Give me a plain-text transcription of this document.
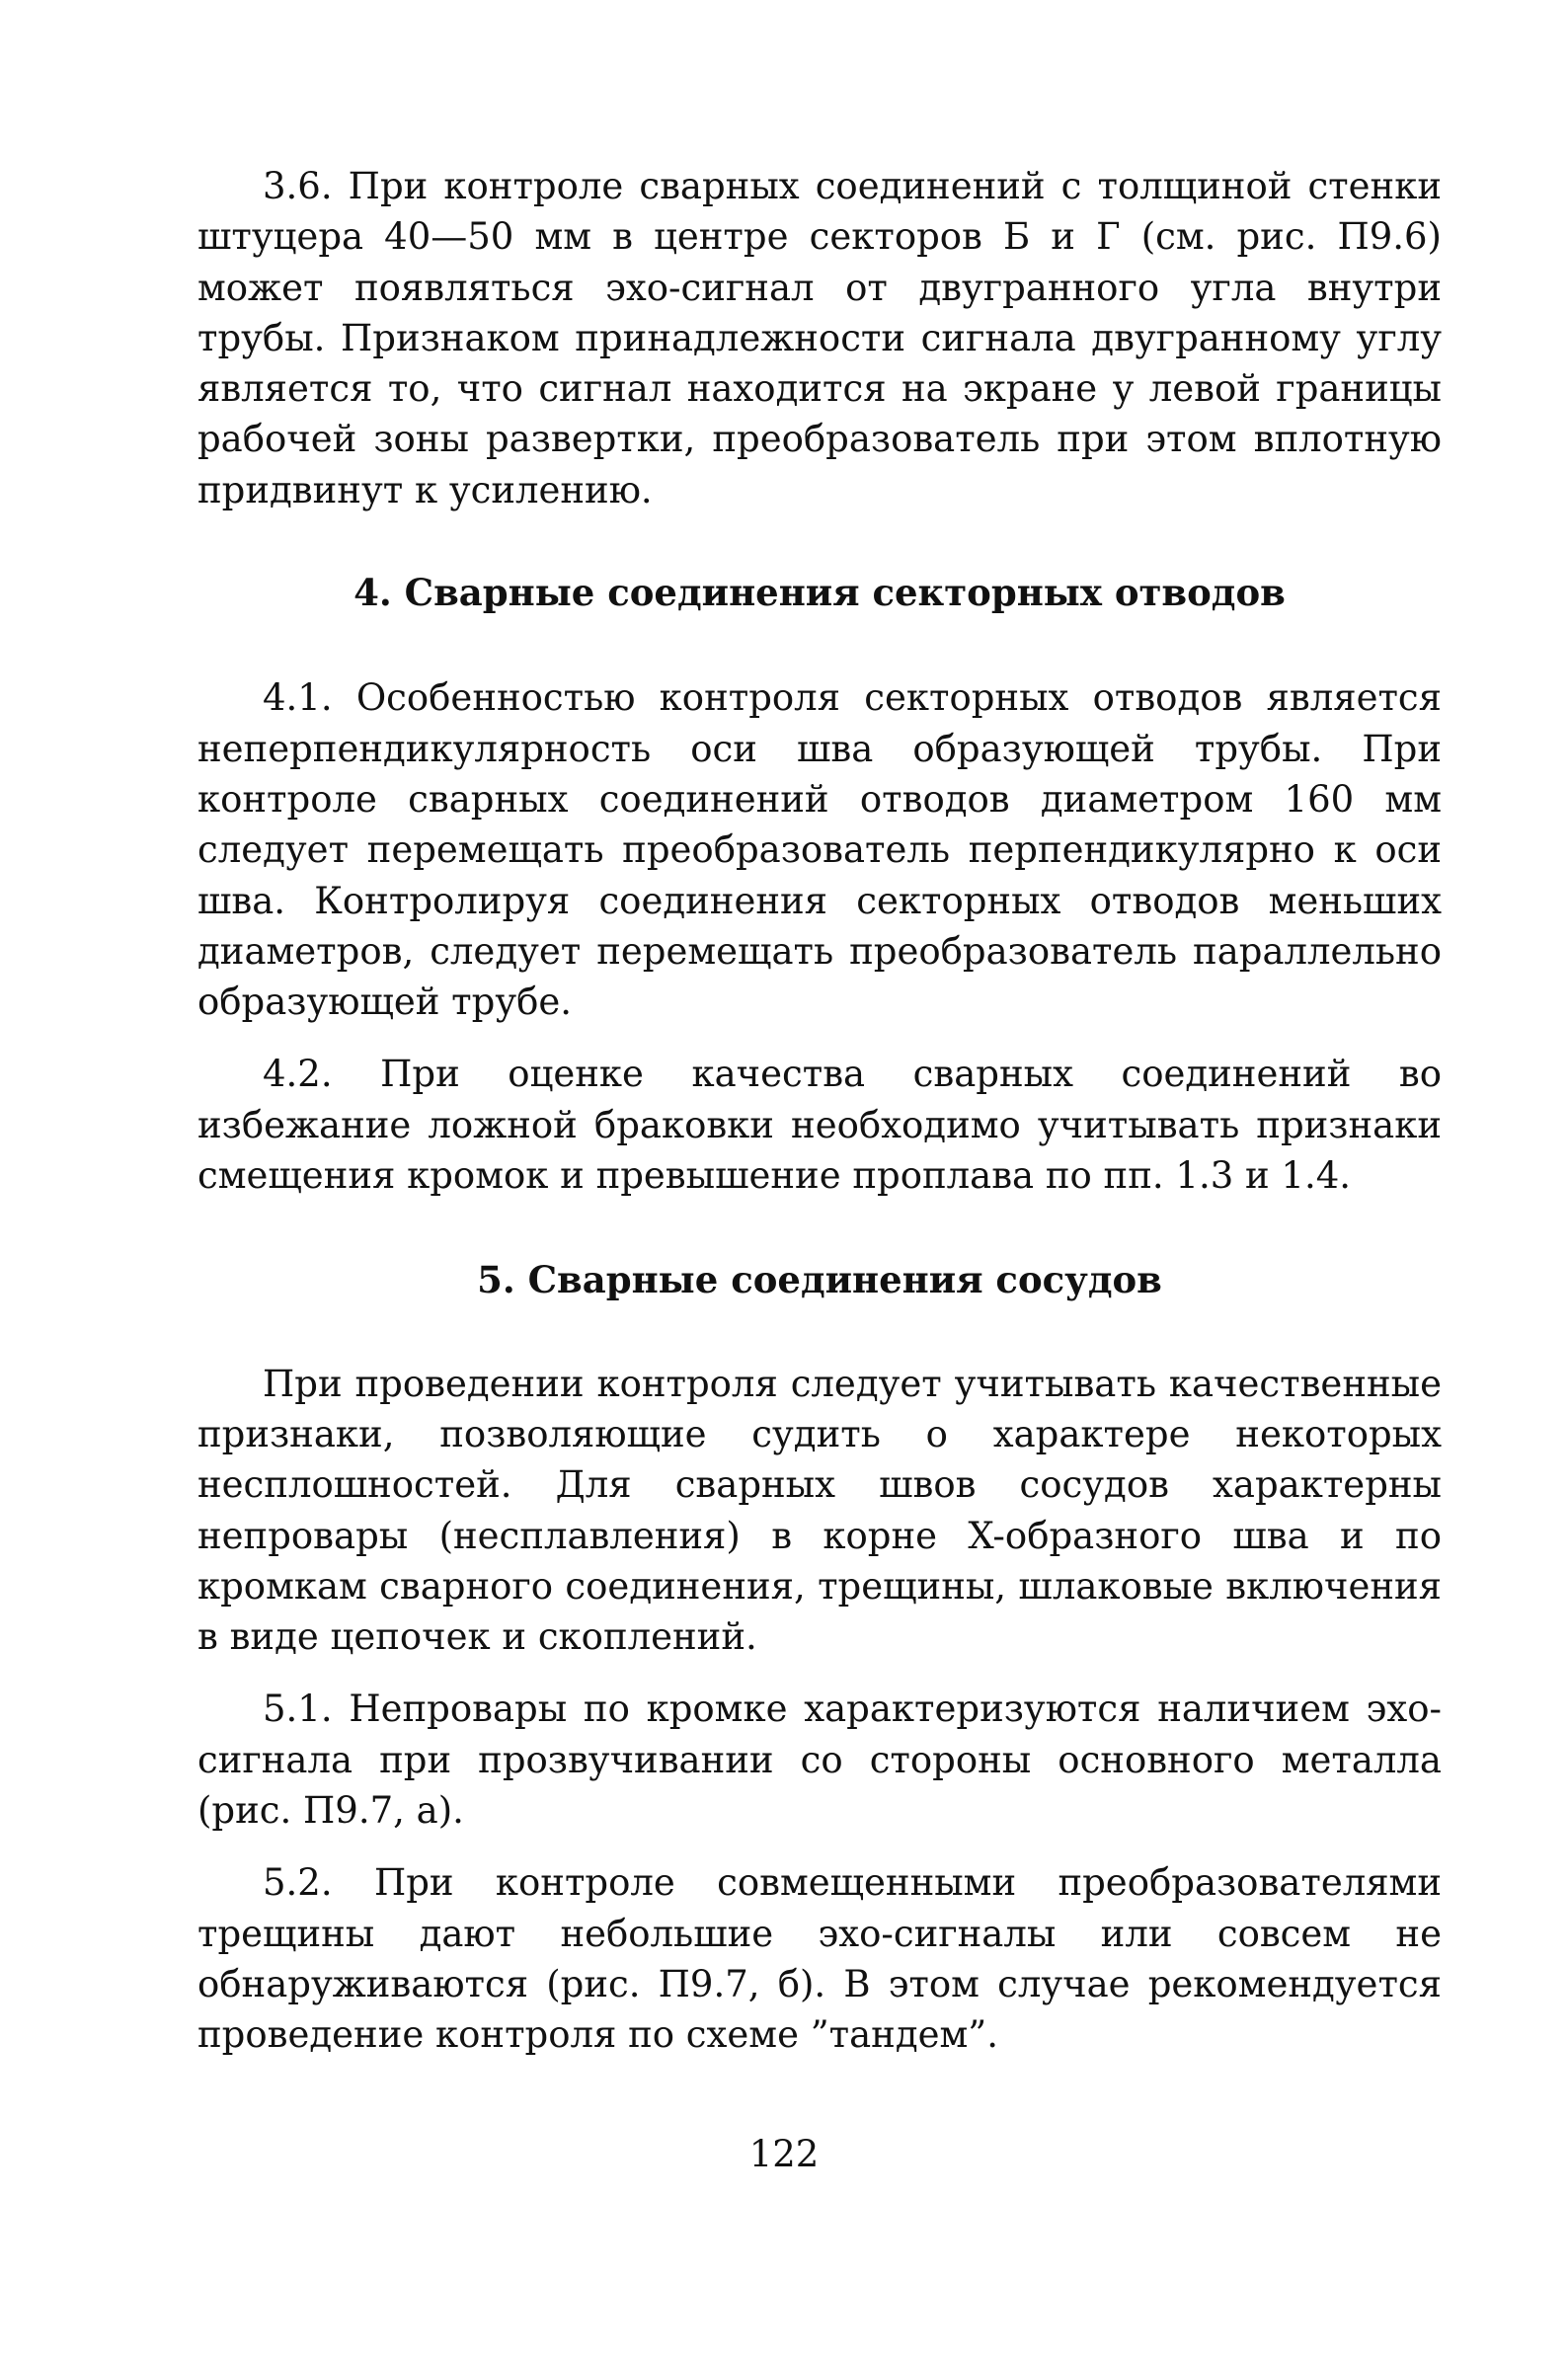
3.6. При контроле сварных соединений с толщиной стенки штуцера 40—50 мм в центре секторов Б и Г (см. рис. П9.6) может появляться эхо-сигнал от двугранного угла внутри трубы. Признаком принадлежности сигнала двугранному углу является то, что сигнал находится на экране у левой границы рабочей зоны развертки, преобразователь при этом вплотную придвинут к усилению.

4. Сварные соединения секторных отводов

4.1. Особенностью контроля секторных отводов является неперпендикулярность оси шва образующей трубы. При контроле сварных соединений отводов диаметром 160 мм следует перемещать преобразователь перпендикулярно к оси шва. Контролируя соединения секторных отводов меньших диаметров, следует перемещать преобразователь параллельно образующей трубе.

4.2. При оценке качества сварных соединений во избежание ложной браковки необходимо учитывать признаки смещения кромок и превышение проплава по пп. 1.3 и 1.4.

5. Сварные соединения сосудов

При проведении контроля следует учитывать качественные признаки, позволяющие судить о характере некоторых несплошностей. Для сварных швов сосудов характерны непровары (несплавления) в корне X-образного шва и по кромкам сварного соединения, трещины, шлаковые включения в виде цепочек и скоплений.

5.1. Непровары по кромке характеризуются наличием эхо-сигнала при прозвучивании со стороны основного металла (рис. П9.7, а).

5.2. При контроле совмещенными преобразователями трещины дают небольшие эхо-сигналы или совсем не обнаруживаются (рис. П9.7, б). В этом случае рекомендуется проведение контроля по схеме ”тандем”.

122
